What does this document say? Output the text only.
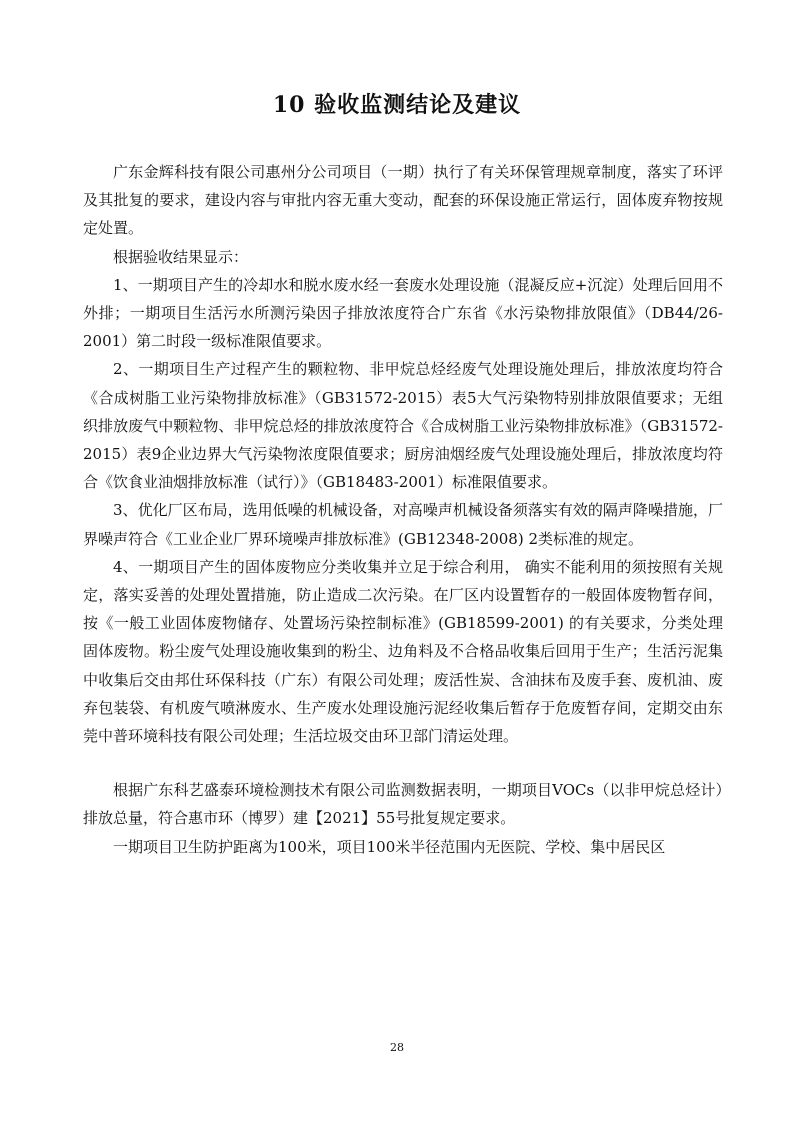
10 验收监测结论及建议

广东金辉科技有限公司惠州分公司项目（一期）执行了有关环保管理规章制度，落实了环评及其批复的要求，建设内容与审批内容无重大变动，配套的环保设施正常运行，固体废弃物按规定处置。

根据验收结果显示：

1、一期项目产生的冷却水和脱水废水经一套废水处理设施（混凝反应+沉淀）处理后回用不外排；一期项目生活污水所测污染因子排放浓度符合广东省《水污染物排放限值》（DB44/26-2001）第二时段一级标准限值要求。

2、一期项目生产过程产生的颗粒物、非甲烷总烃经废气处理设施处理后，排放浓度均符合《合成树脂工业污染物排放标准》（GB31572-2015）表5大气污染物特别排放限值要求；无组织排放废气中颗粒物、非甲烷总烃的排放浓度符合《合成树脂工业污染物排放标准》（GB31572-2015）表9企业边界大气污染物浓度限值要求；厨房油烟经废气处理设施处理后，排放浓度均符合《饮食业油烟排放标准（试行）》（GB18483-2001）标准限值要求。

3、优化厂区布局，选用低噪的机械设备，对高噪声机械设备须落实有效的隔声降噪措施，厂界噪声符合《工业企业厂界环境噪声排放标准》(GB12348-2008) 2类标准的规定。

4、一期项目产生的固体废物应分类收集并立足于综合利用， 确实不能利用的须按照有关规定，落实妥善的处理处置措施，防止造成二次污染。在厂区内设置暂存的一般固体废物暂存间，按《一般工业固体废物储存、处置场污染控制标准》(GB18599-2001) 的有关要求，分类处理固体废物。粉尘废气处理设施收集到的粉尘、边角料及不合格品收集后回用于生产；生活污泥集中收集后交由邦仕环保科技（广东）有限公司处理；废活性炭、含油抹布及废手套、废机油、废弃包装袋、有机废气喷淋废水、生产废水处理设施污泥经收集后暂存于危废暂存间，定期交由东莞中普环境科技有限公司处理；生活垃圾交由环卫部门清运处理。

根据广东科艺盛泰环境检测技术有限公司监测数据表明，一期项目VOCs（以非甲烷总烃计）排放总量，符合惠市环（博罗）建【2021】55号批复规定要求。

一期项目卫生防护距离为100米，项目100米半径范围内无医院、学校、集中居民区

28
